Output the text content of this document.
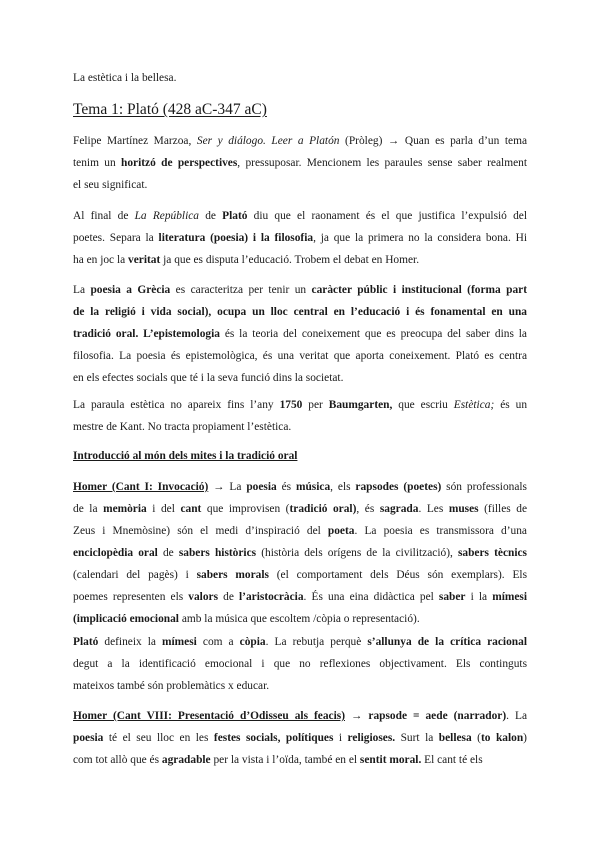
La estètica i la bellesa.
Tema 1: Plató (428 aC-347 aC)
Felipe Martínez Marzoa, Ser y diálogo. Leer a Platón (Pròleg) → Quan es parla d’un tema
tenim un horitzó de perspectives, pressuposar. Mencionem les paraules sense saber realment
el seu significat.
Al final de La República de Plató diu que el raonament és el que justifica l’expulsió del
poetes. Separa la literatura (poesia) i la filosofia, ja que la primera no la considera bona. Hi
ha en joc la veritat ja que es disputa l’educació. Trobem el debat en Homer.
La poesia a Grècia es caracteritza per tenir un caràcter públic i institucional (forma part
de la religió i vida social), ocupa un lloc central en l’educació i és fonamental en una
tradició oral. L’epistemologia és la teoria del coneixement que es preocupa del saber dins la
filosofia. La poesia és epistemològica, és una veritat que aporta coneixement. Plató es centra
en els efectes socials que té i la seva funció dins la societat.
La paraula estètica no apareix fins l’any 1750 per Baumgarten, que escriu Estètica; és un
mestre de Kant. No tracta propiament l’estètica.
Introducció al món dels mites i la tradició oral
Homer (Cant I: Invocació) → La poesia és música, els rapsodes (poetes) són professionals
de la memòria i del cant que improvisen (tradició oral), és sagrada. Les muses (filles de
Zeus i Mnemòsine) són el medi d’inspiració del poeta. La poesia es transmissora d’una
enciclopèdia oral de sabers històrics (història dels orígens de la civilització), sabers tècnics
(calendari del pagès) i sabers morals (el comportament dels Déus són exemplars). Els
poemes representen els valors de l’aristocràcia. És una eina didàctica pel saber i la mímesi
(implicació emocional amb la música que escoltem /còpia o representació).
Plató defineix la mímesi com a còpia. La rebutja perquè s’allunya de la crítica racional
degut a la identificació emocional i que no reflexiones objectivament. Els continguts
mateixos també són problemàtics x educar.
Homer (Cant VIII: Presentació d’Odisseu als feacis) → rapsode = aede (narrador). La
poesia té el seu lloc en les festes socials, polítiques i religioses. Surt la bellesa (to kalon)
com tot allò que és agradable per la vista i l’oïda, també en el sentit moral. El cant té els
